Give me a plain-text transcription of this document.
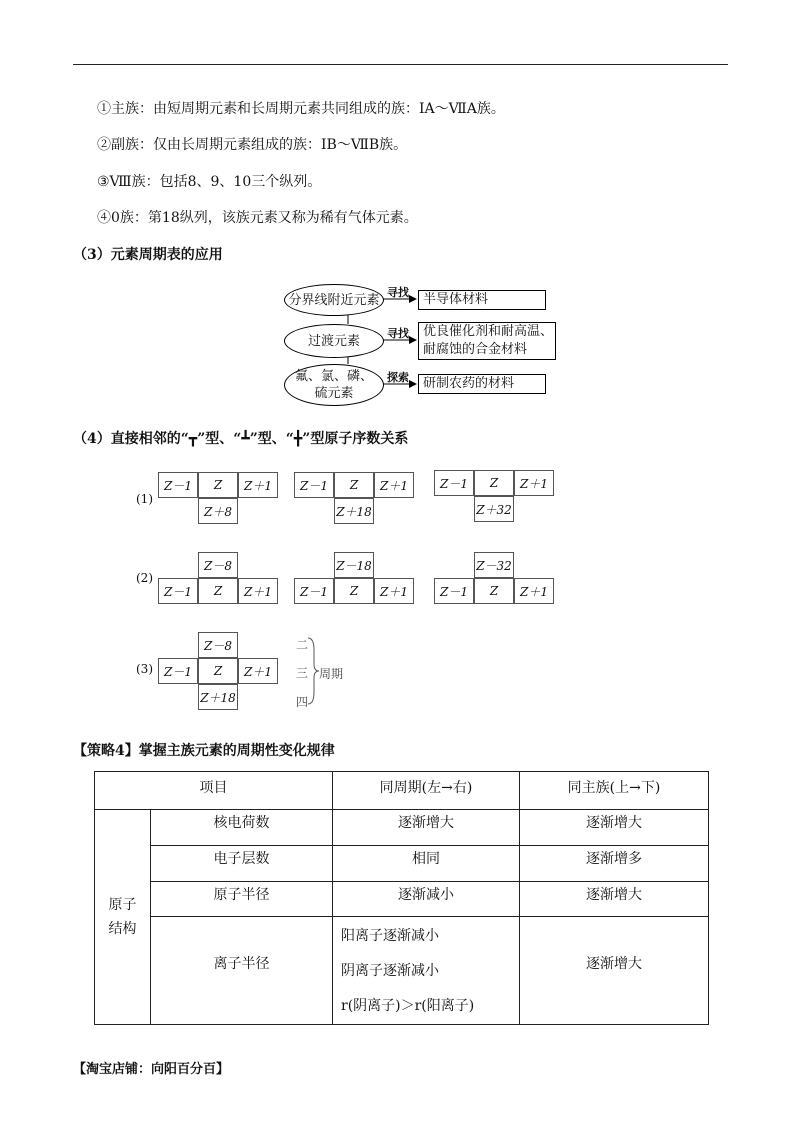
①主族：由短周期元素和长周期元素共同组成的族：ⅠA～ⅦA族。
②副族：仅由长周期元素组成的族：ⅠB～ⅦB族。
③Ⅷ族：包括8、9、10三个纵列。
④0族：第18纵列，该族元素又称为稀有气体元素。
（3）元素周期表的应用
分界线附近元素
过渡元素
氟、氯、磷、
硫元素
寻找
寻找
探索
半导体材料
优良催化剂和耐高温、
耐腐蚀的合金材料
研制农药的材料
（4）直接相邻的“┳”型、“┻”型、“╋”型原子序数关系
(1)
(2)
(3)
Z－1	Z	Z＋1
Z＋8
Z－1	Z	Z＋1
Z＋18
Z－1	Z	Z＋1
Z＋32
Z－8
Z－1	Z	Z＋1
Z－18
Z－1	Z	Z＋1
Z－32
Z－1	Z	Z＋1
Z－8
Z－1	Z	Z＋1
Z＋18
二
三
四
周期
【策略4】掌握主族元素的周期性变化规律
项目		同周期(左→右)	同主族(上→下)

原子
结构	核电荷数	逐渐增大	逐渐增大
	电子层数	相同	逐渐增多
	原子半径	逐渐减小	逐渐增大
	离子半径	阳离子逐渐减小
阴离子逐渐减小
r(阴离子)＞r(阳离子)	逐渐增大
【淘宝店铺：向阳百分百】
